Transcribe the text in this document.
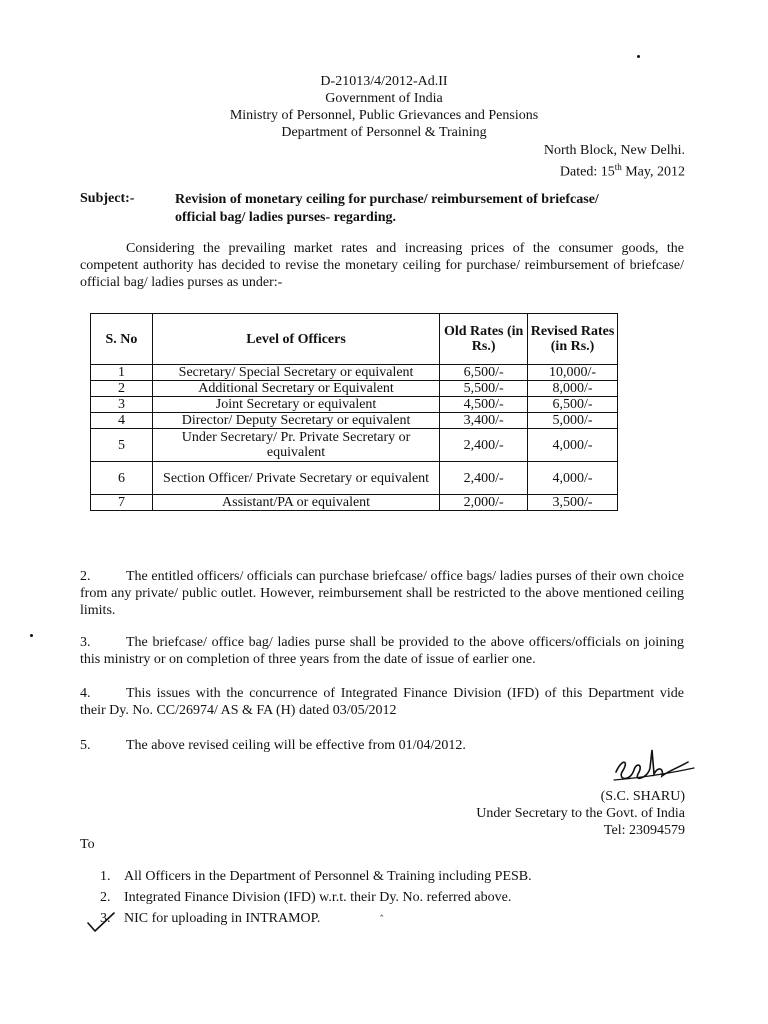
D-21013/4/2012-Ad.II
Government of India
Ministry of Personnel, Public Grievances and Pensions
Department of Personnel & Training
North Block, New Delhi.
Dated: 15th May, 2012
Subject:-	Revision of monetary ceiling for purchase/ reimbursement of briefcase/
official bag/ ladies purses- regarding.
Considering the prevailing market rates and increasing prices of the consumer goods, the competent authority has decided to revise the monetary ceiling for purchase/ reimbursement of briefcase/ official bag/ ladies purses as under:-
S. No	Level of Officers	Old Rates (in Rs.)	Revised Rates (in Rs.)
1	Secretary/ Special Secretary or equivalent	6,500/-	10,000/-
2	Additional Secretary or Equivalent	5,500/-	8,000/-
3	Joint Secretary or equivalent	4,500/-	6,500/-
4	Director/ Deputy Secretary or equivalent	3,400/-	5,000/-
5	Under Secretary/ Pr. Private Secretary or equivalent	2,400/-	4,000/-
6	Section Officer/ Private Secretary or equivalent	2,400/-	4,000/-
7	Assistant/PA or equivalent	2,000/-	3,500/-
2.	The entitled officers/ officials can purchase briefcase/ office bags/ ladies purses of their own choice from any private/ public outlet. However, reimbursement shall be restricted to the above mentioned ceiling limits.
3.	The briefcase/ office bag/ ladies purse shall be provided to the above officers/officials on joining this ministry or on completion of three years from the date of issue of earlier one.
4.	This issues with the concurrence of Integrated Finance Division (IFD) of this Department vide their Dy. No. CC/26974/ AS & FA (H) dated 03/05/2012
5.	The above revised ceiling will be effective from 01/04/2012.
(S.C. SHARU)
Under Secretary to the Govt. of India
Tel: 23094579
To
1. All Officers in the Department of Personnel & Training including PESB.
2. Integrated Finance Division (IFD) w.r.t. their Dy. No. referred above.
3. NIC for uploading in INTRAMOP.	‸
